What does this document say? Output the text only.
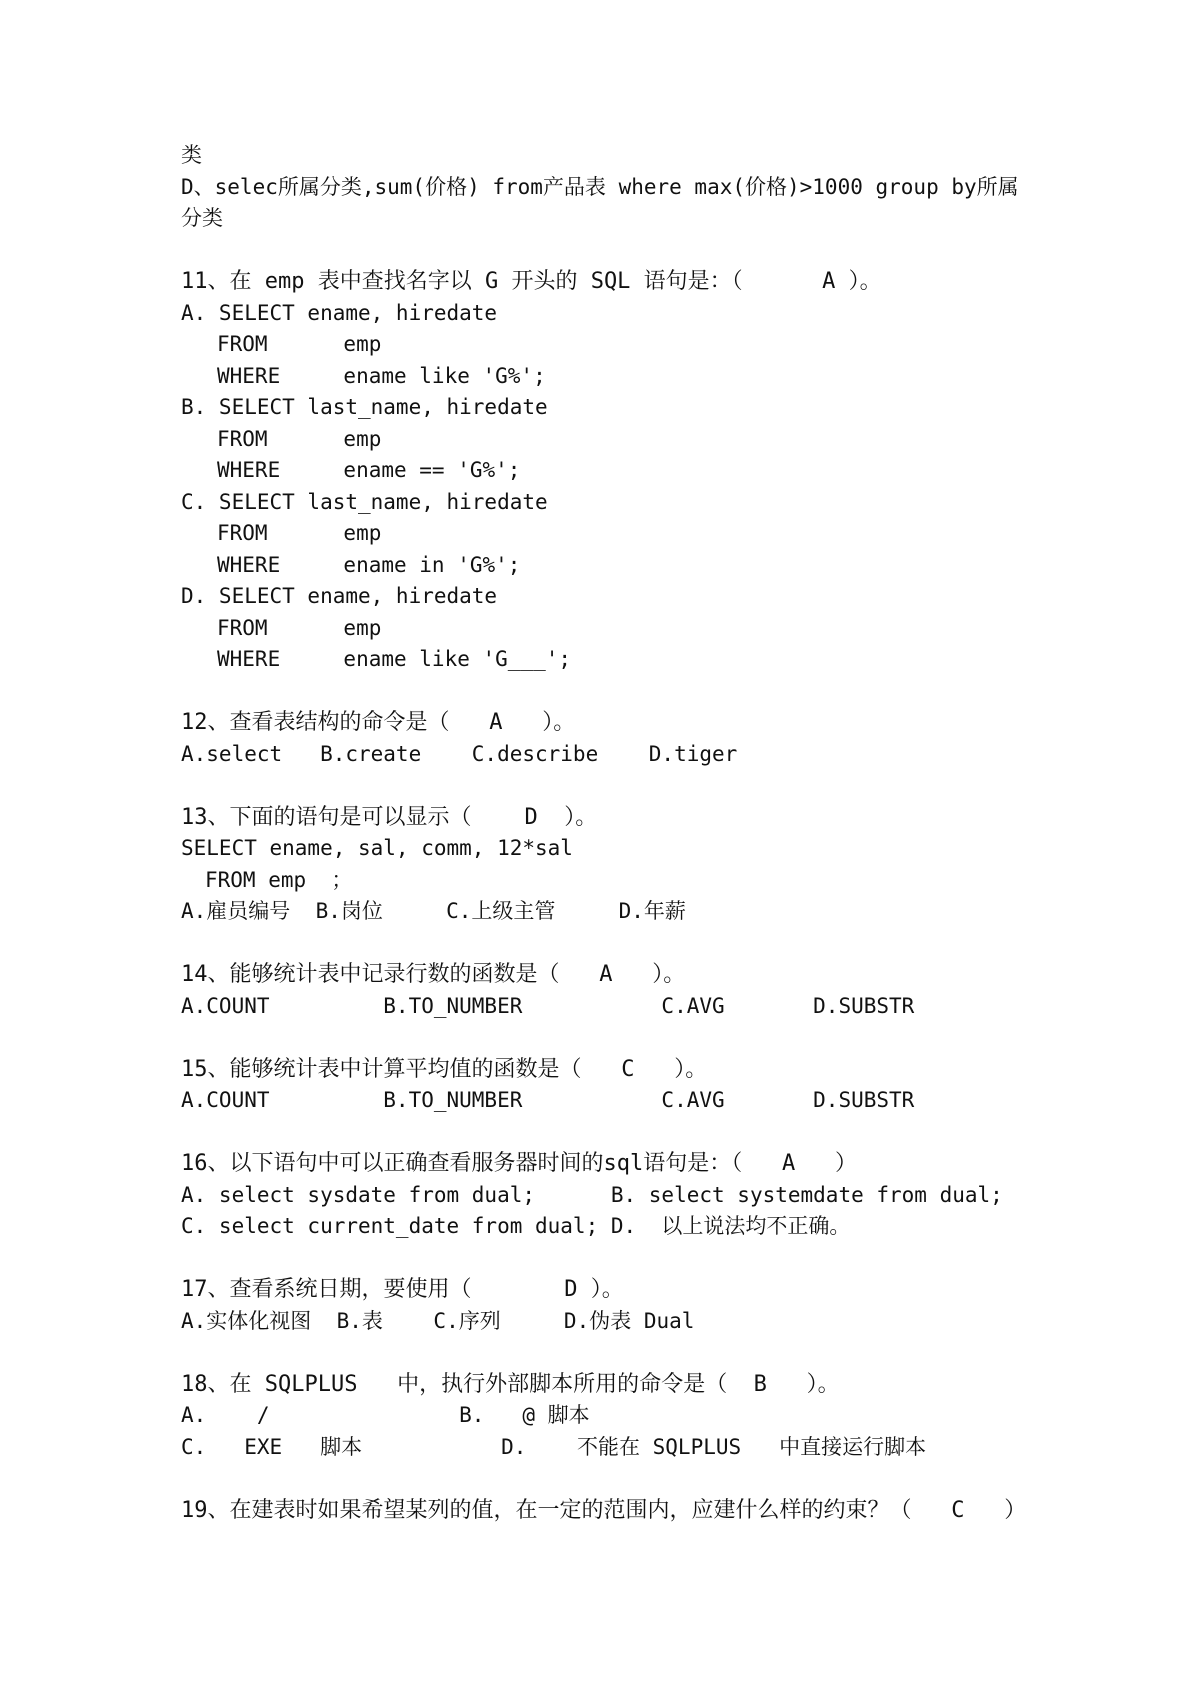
类
D、selec所属分类,sum(价格) from产品表 where max(价格)>1000 group by所属
分类
11、在 emp 表中查找名字以 G 开头的 SQL 语句是：（      A ）。
A. SELECT ename, hiredate
FROM      emp
WHERE     ename like 'G%';
B. SELECT last_name, hiredate
FROM      emp
WHERE     ename == 'G%';
C. SELECT last_name, hiredate
FROM      emp
WHERE     ename in 'G%';
D. SELECT ename, hiredate
FROM      emp
WHERE     ename like 'G___';
12、查看表结构的命令是（   A   ）。
A.select   B.create    C.describe    D.tiger
13、下面的语句是可以显示（    D  ）。
SELECT ename, sal, comm, 12*sal
FROM emp  ；
A.雇员编号  B.岗位     C.上级主管     D.年薪
14、能够统计表中记录行数的函数是（   A   ）。
A.COUNT         B.TO_NUMBER           C.AVG       D.SUBSTR
15、能够统计表中计算平均值的函数是（   C   ）。
A.COUNT         B.TO_NUMBER           C.AVG       D.SUBSTR
16、以下语句中可以正确查看服务器时间的sql语句是：（   A   ）
A. select sysdate from dual;      B. select systemdate from dual;
C. select current_date from dual; D.  以上说法均不正确。
17、查看系统日期，要使用（       D ）。
A.实体化视图  B.表    C.序列     D.伪表 Dual
18、在 SQLPLUS   中，执行外部脚本所用的命令是（  B   ）。
A.    /               B.   @ 脚本
C.   EXE   脚本           D.    不能在 SQLPLUS   中直接运行脚本
19、在建表时如果希望某列的值，在一定的范围内，应建什么样的约束？（   C   ）
